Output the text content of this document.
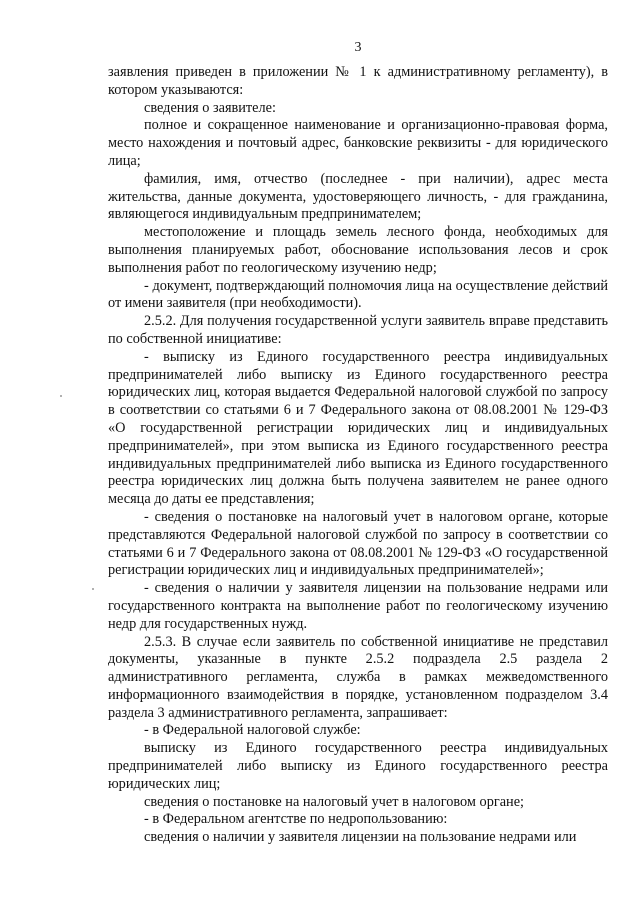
3

заявления приведен в приложении № 1 к административному регламенту), в котором указываются:

сведения о заявителе:

полное и сокращенное наименование и организационно-правовая форма, место нахождения и почтовый адрес, банковские реквизиты - для юридического лица;

фамилия, имя, отчество (последнее - при наличии), адрес места жительства, данные документа, удостоверяющего личность, - для гражданина, являющегося индивидуальным предпринимателем;

местоположение и площадь земель лесного фонда, необходимых для выполнения планируемых работ, обоснование использования лесов и срок выполнения работ по геологическому изучению недр;

- документ, подтверждающий полномочия лица на осуществление действий от имени заявителя (при необходимости).

2.5.2. Для получения государственной услуги заявитель вправе представить по собственной инициативе:

- выписку из Единого государственного реестра индивидуальных предпринимателей либо выписку из Единого государственного реестра юридических лиц, которая выдается Федеральной налоговой службой по запросу в соответствии со статьями 6 и 7 Федерального закона от 08.08.2001 № 129-ФЗ «О государственной регистрации юридических лиц и индивидуальных предпринимателей», при этом выписка из Единого государственного реестра индивидуальных предпринимателей либо выписка из Единого государственного реестра юридических лиц должна быть получена заявителем не ранее одного месяца до даты ее представления;

- сведения о постановке на налоговый учет в налоговом органе, которые представляются Федеральной налоговой службой по запросу в соответствии со статьями 6 и 7 Федерального закона от 08.08.2001 № 129-ФЗ «О государственной регистрации юридических лиц и индивидуальных предпринимателей»;

- сведения о наличии у заявителя лицензии на пользование недрами или государственного контракта на выполнение работ по геологическому изучению недр для государственных нужд.

2.5.3. В случае если заявитель по собственной инициативе не представил документы, указанные в пункте 2.5.2 подраздела 2.5 раздела 2 административного регламента, служба в рамках межведомственного информационного взаимодействия в порядке, установленном подразделом 3.4 раздела 3 административного регламента, запрашивает:

- в Федеральной налоговой службе:

выписку из Единого государственного реестра индивидуальных предпринимателей либо выписку из Единого государственного реестра юридических лиц;

сведения о постановке на налоговый учет в налоговом органе;

- в Федеральном агентстве по недропользованию:

сведения о наличии у заявителя лицензии на пользование недрами или
